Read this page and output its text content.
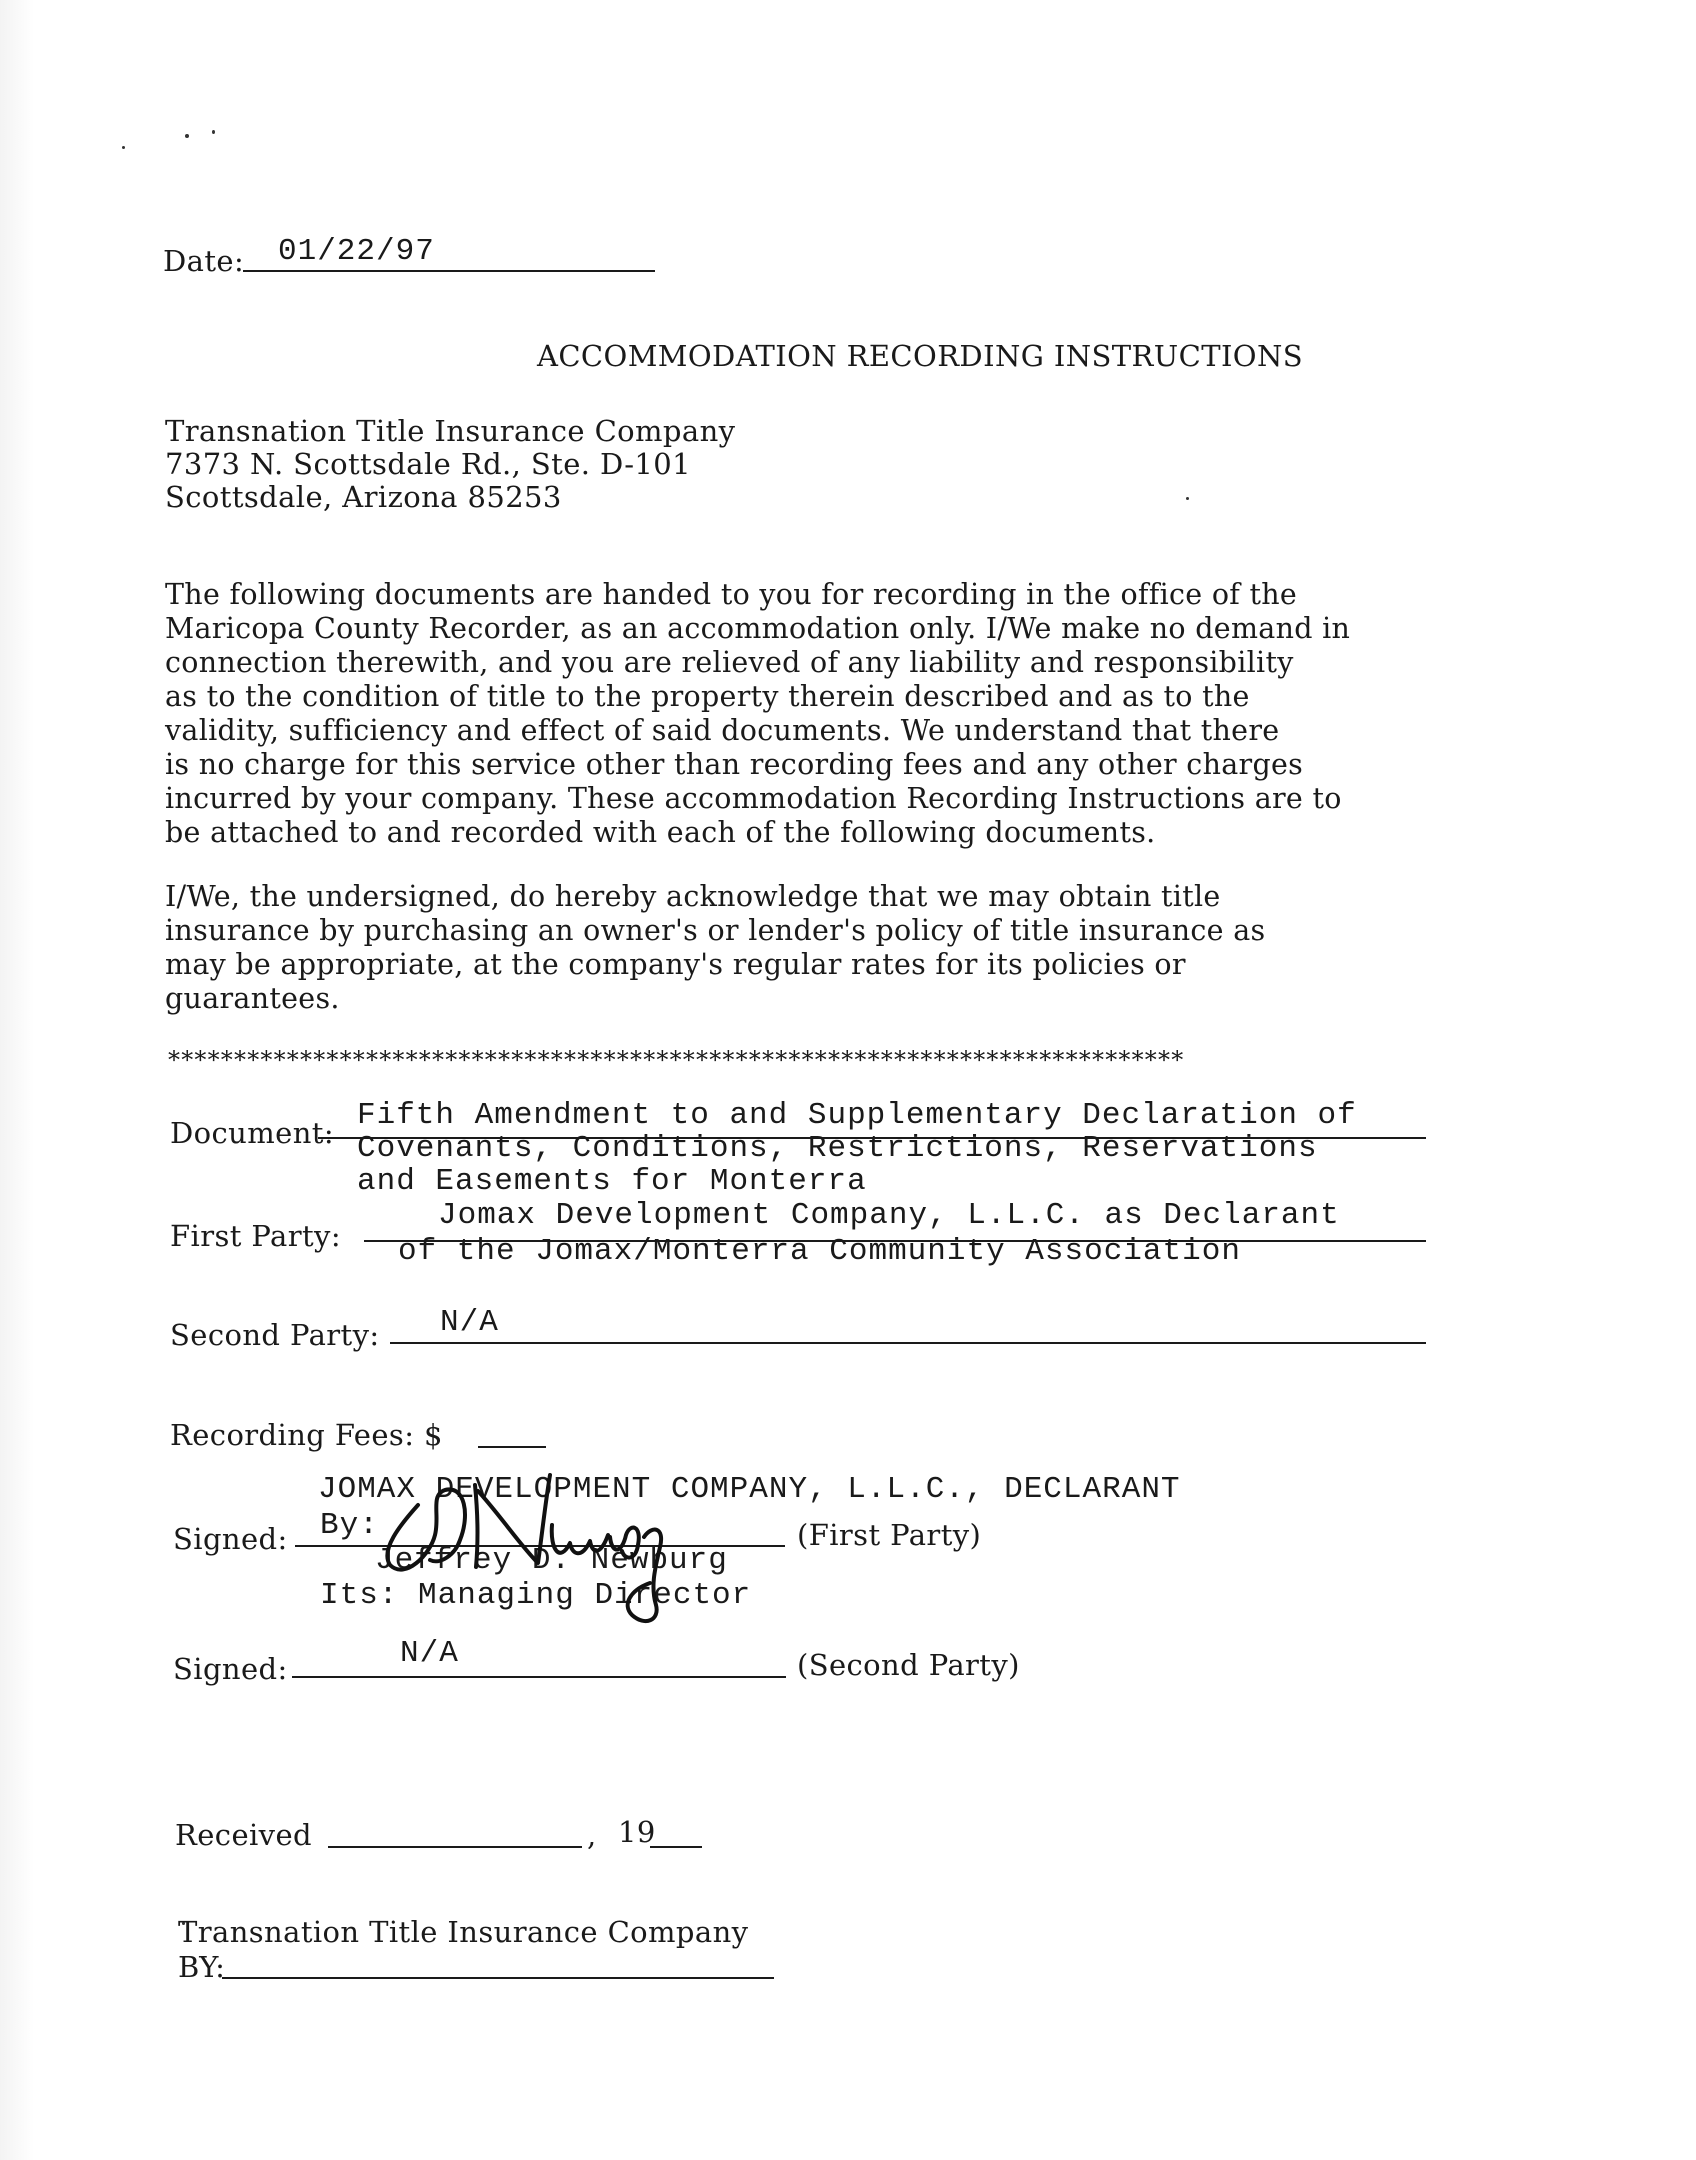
Date: 01/22/97
ACCOMMODATION RECORDING INSTRUCTIONS
Transnation Title Insurance Company
7373 N. Scottsdale Rd., Ste. D-101
Scottsdale, Arizona 85253
The following documents are handed to you for recording in the office of the
Maricopa County Recorder, as an accommodation only. I/We make no demand in
connection therewith, and you are relieved of any liability and responsibility
as to the condition of title to the property therein described and as to the
validity, sufficiency and effect of said documents. We understand that there
is no charge for this service other than recording fees and any other charges
incurred by your company. These accommodation Recording Instructions are to
be attached to and recorded with each of the following documents.
I/We, the undersigned, do hereby acknowledge that we may obtain title
insurance by purchasing an owner's or lender's policy of title insurance as
may be appropriate, at the company's regular rates for its policies or
guarantees.
*****************************************************************************
Document: Fifth Amendment to and Supplementary Declaration of
Covenants, Conditions, Restrictions, Reservations
and Easements for Monterra
First Party:
Jomax Development Company, L.L.C. as Declarant
of the Jomax/Monterra Community Association
Second Party: N/A
Recording Fees: $
JOMAX DEVELOPMENT COMPANY, L.L.C., DECLARANT
Signed: By:	(First Party)
Jeffrey D. Newburg
Its: Managing Director
Signed:	N/A	(Second Party)
Received	, 19
Transnation Title Insurance Company
BY:
